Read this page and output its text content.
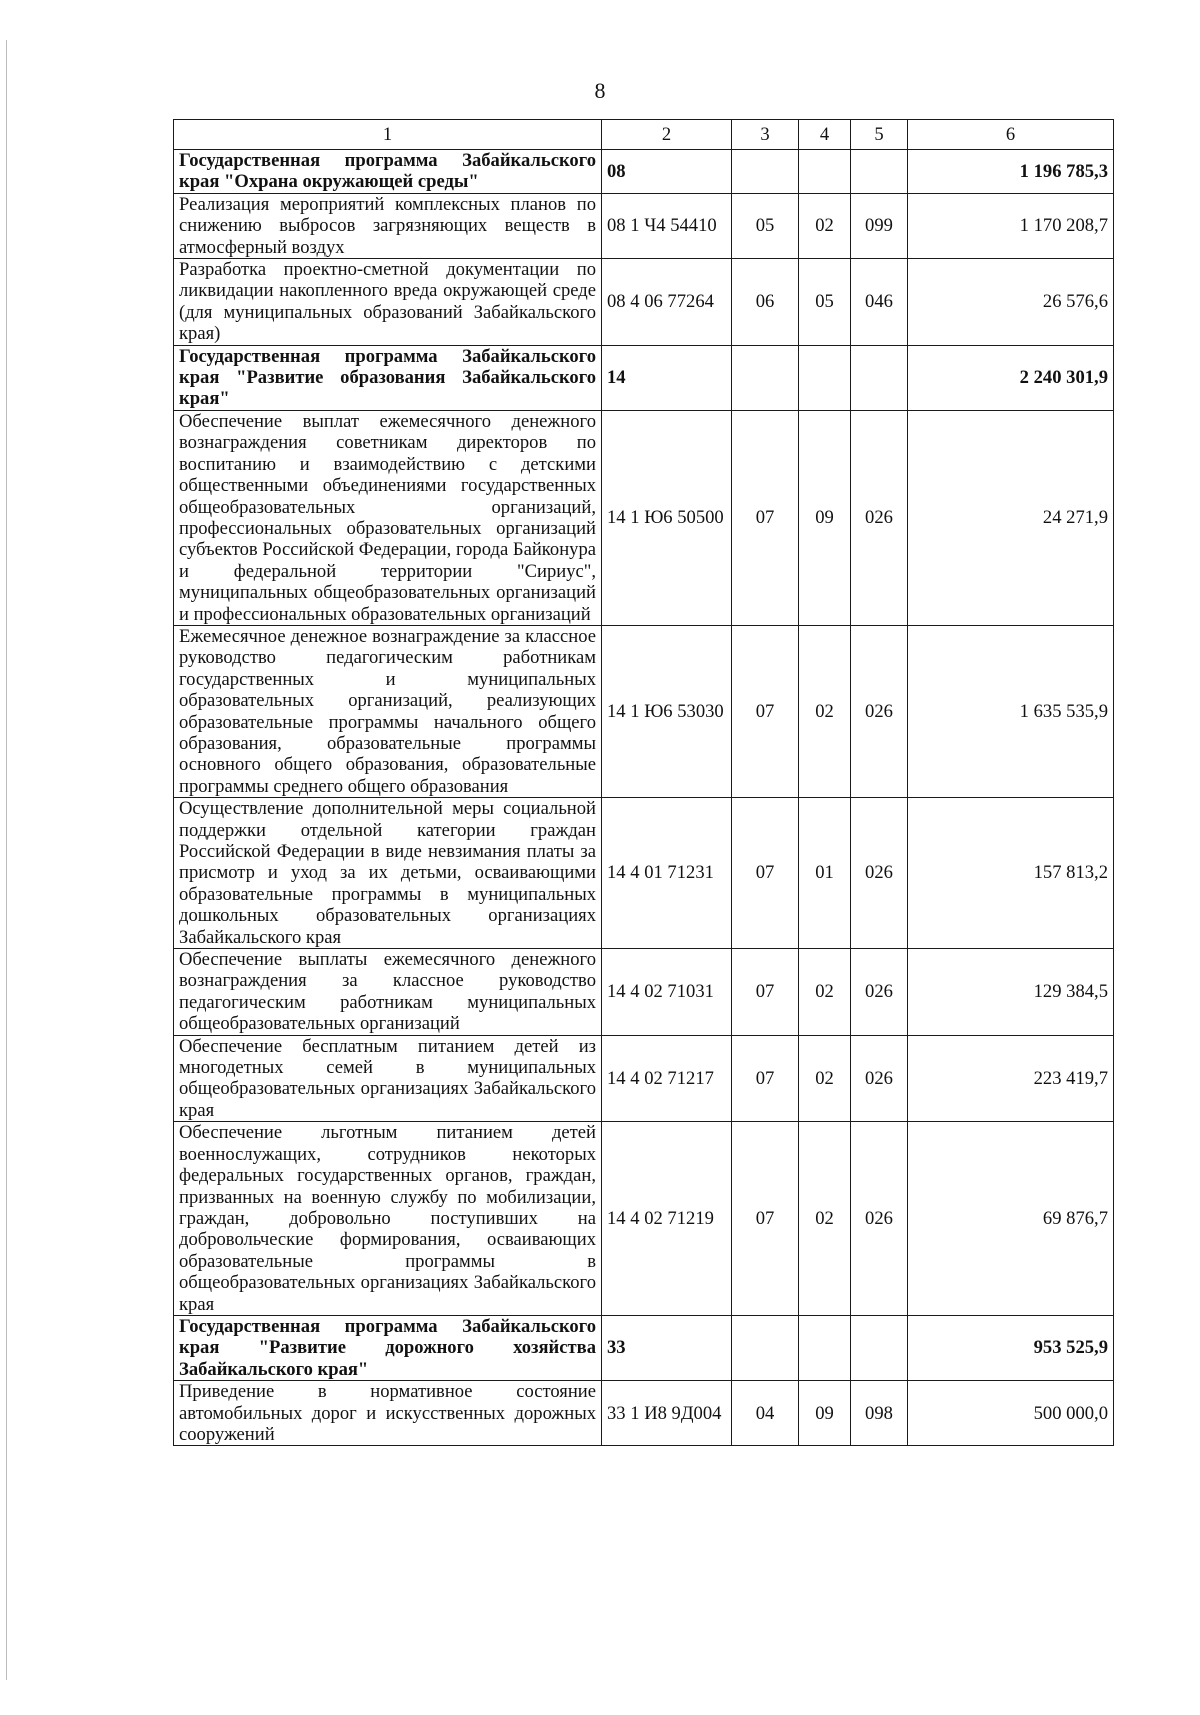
8
1	2	3	4	5	6
Государственная программа Забайкальского края "Охрана окружающей среды"	08				1 196 785,3
Реализация мероприятий комплексных планов по снижению выбросов загрязняющих веществ в атмосферный воздух	08 1 Ч4 54410	05	02	099	1 170 208,7
Разработка проектно-сметной документации по ликвидации накопленного вреда окружающей среде (для муниципальных образований Забайкальского края)	08 4 06 77264	06	05	046	26 576,6
Государственная программа Забайкальского края "Развитие образования Забайкальского края"	14				2 240 301,9
Обеспечение выплат ежемесячного денежного вознаграждения советникам директоров по воспитанию и взаимодействию с детскими общественными объединениями государственных общеобразовательных организаций, профессиональных образовательных организаций субъектов Российской Федерации, города Байконура и федеральной территории "Сириус", муниципальных общеобразовательных организаций и профессиональных образовательных организаций	14 1 Ю6 50500	07	09	026	24 271,9
Ежемесячное денежное вознаграждение за классное руководство педагогическим работникам государственных и муниципальных образовательных организаций, реализующих образовательные программы начального общего образования, образовательные программы основного общего образования, образовательные программы среднего общего образования	14 1 Ю6 53030	07	02	026	1 635 535,9
Осуществление дополнительной меры социальной поддержки отдельной категории граждан Российской Федерации в виде невзимания платы за присмотр и уход за их детьми, осваивающими образовательные программы в муниципальных дошкольных образовательных организациях Забайкальского края	14 4 01 71231	07	01	026	157 813,2
Обеспечение выплаты ежемесячного денежного вознаграждения за классное руководство педагогическим работникам муниципальных общеобразовательных организаций	14 4 02 71031	07	02	026	129 384,5
Обеспечение бесплатным питанием детей из многодетных семей в муниципальных общеобразовательных организациях Забайкальского края	14 4 02 71217	07	02	026	223 419,7
Обеспечение льготным питанием детей военнослужащих, сотрудников некоторых федеральных государственных органов, граждан, призванных на военную службу по мобилизации, граждан, добровольно поступивших на добровольческие формирования, осваивающих образовательные программы в общеобразовательных организациях Забайкальского края	14 4 02 71219	07	02	026	69 876,7
Государственная программа Забайкальского края "Развитие дорожного хозяйства Забайкальского края"	33				953 525,9
Приведение в нормативное состояние автомобильных дорог и искусственных дорожных сооружений	33 1 И8 9Д004	04	09	098	500 000,0
